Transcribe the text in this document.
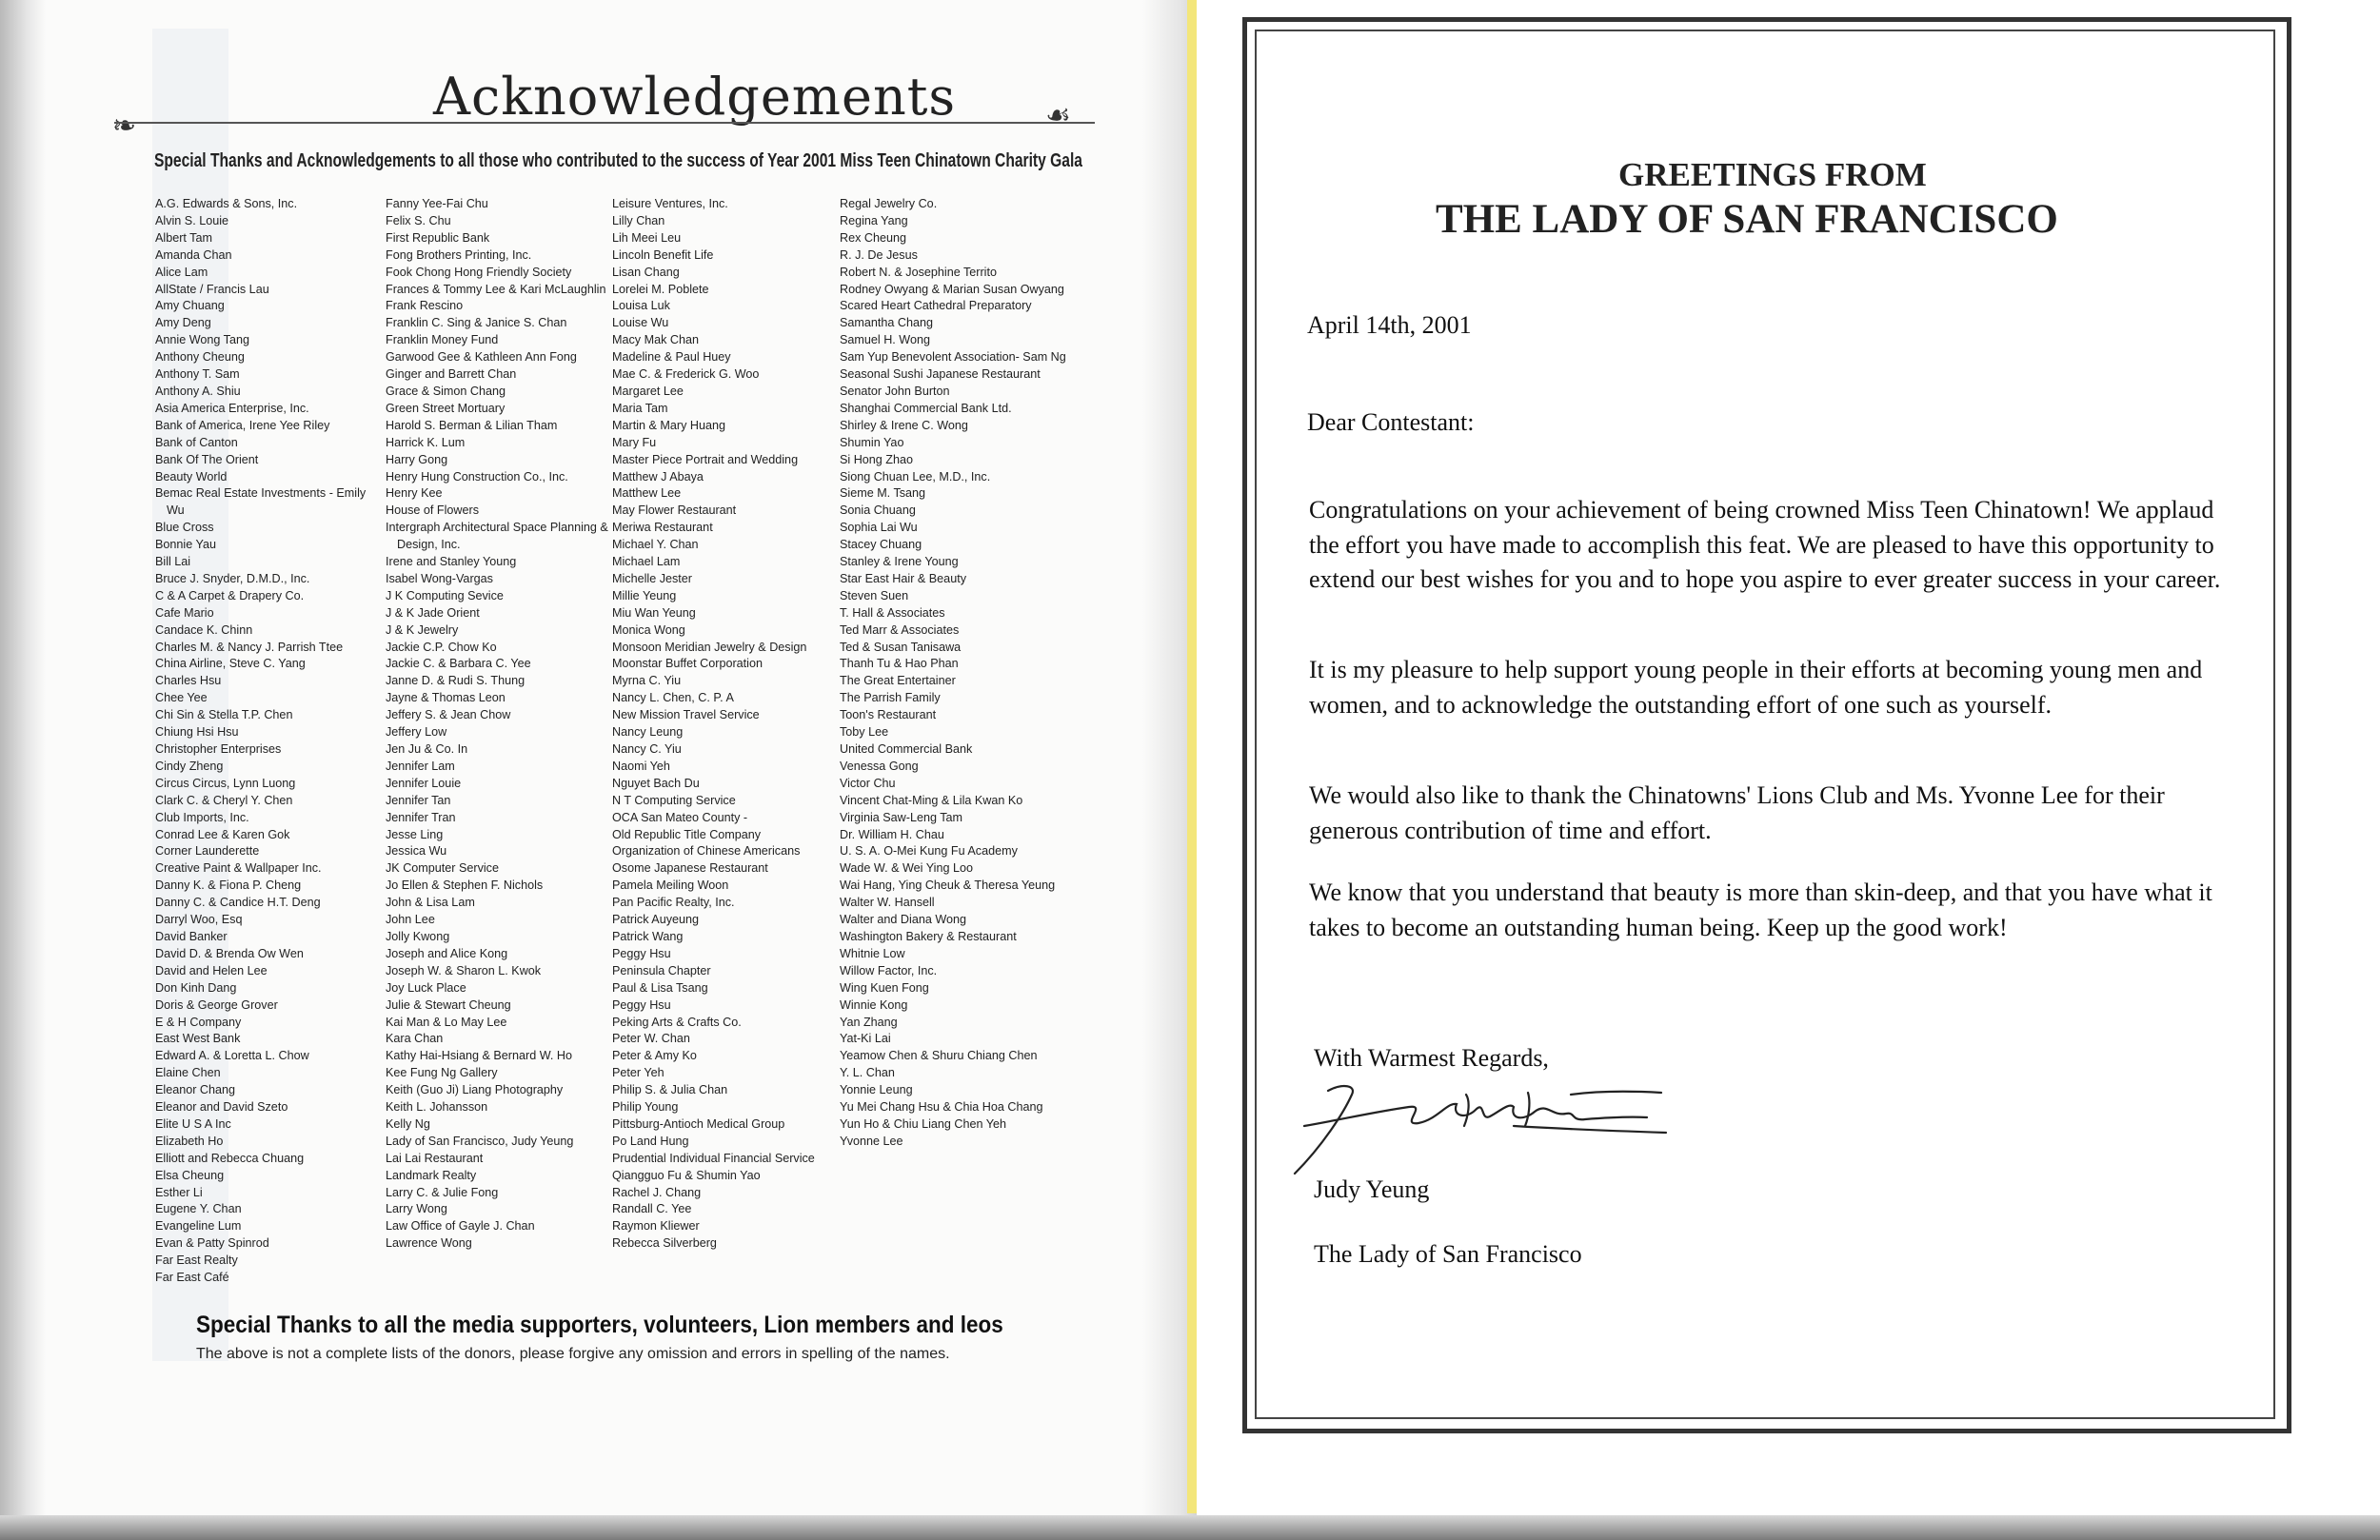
Acknowledgements
❧	☙
Special Thanks and Acknowledgements to all those who contributed to the success of Year 2001 Miss Teen Chinatown Charity Gala
A.G. Edwards & Sons, Inc.
Alvin S. Louie
Albert Tam
Amanda Chan
Alice Lam
AllState / Francis Lau
Amy Chuang
Amy Deng
Annie Wong Tang
Anthony Cheung
Anthony T. Sam
Anthony A. Shiu
Asia America Enterprise, Inc.
Bank of America, Irene Yee Riley
Bank of Canton
Bank Of The Orient
Beauty World
Bemac Real Estate Investments - Emily Wu
Blue Cross
Bonnie Yau
Bill Lai
Bruce J. Snyder, D.M.D., Inc.
C & A Carpet & Drapery Co.
Cafe Mario
Candace K. Chinn
Charles M. & Nancy J. Parrish Ttee
China Airline, Steve C. Yang
Charles Hsu
Chee Yee
Chi Sin & Stella T.P. Chen
Chiung Hsi Hsu
Christopher Enterprises
Cindy Zheng
Circus Circus, Lynn Luong
Clark C. & Cheryl Y. Chen
Club Imports, Inc.
Conrad Lee & Karen Gok
Corner Launderette
Creative Paint & Wallpaper Inc.
Danny K. & Fiona P. Cheng
Danny C. & Candice H.T. Deng
Darryl Woo, Esq
David Banker
David D. & Brenda Ow Wen
David and Helen Lee
Don Kinh Dang
Doris & George Grover
E & H Company
East West Bank
Edward A. & Loretta L. Chow
Elaine Chen
Eleanor Chang
Eleanor and David Szeto
Elite U S A Inc
Elizabeth Ho
Elliott and Rebecca Chuang
Elsa Cheung
Esther Li
Eugene Y. Chan
Evangeline Lum
Evan & Patty Spinrod
Far East Realty
Far East Café
Fanny Yee-Fai Chu
Felix S. Chu
First Republic Bank
Fong Brothers Printing, Inc.
Fook Chong Hong Friendly Society
Frances & Tommy Lee & Kari McLaughlin
Frank Rescino
Franklin C. Sing & Janice S. Chan
Franklin Money Fund
Garwood Gee & Kathleen Ann Fong
Ginger and Barrett Chan
Grace & Simon Chang
Green Street Mortuary
Harold S. Berman & Lilian Tham
Harrick K. Lum
Harry Gong
Henry Hung Construction Co., Inc.
Henry Kee
House of Flowers
Intergraph Architectural Space Planning & Design, Inc.
Irene and Stanley Young
Isabel Wong-Vargas
J K Computing Sevice
J & K Jade Orient
J & K Jewelry
Jackie C.P. Chow Ko
Jackie C. & Barbara C. Yee
Janne D. & Rudi S. Thung
Jayne & Thomas Leon
Jeffery S. & Jean Chow
Jeffery Low
Jen Ju & Co. In
Jennifer Lam
Jennifer Louie
Jennifer Tan
Jennifer Tran
Jesse Ling
Jessica Wu
JK Computer Service
Jo Ellen & Stephen F. Nichols
John & Lisa Lam
John Lee
Jolly Kwong
Joseph and Alice Kong
Joseph W. & Sharon L. Kwok
Joy Luck Place
Julie & Stewart Cheung
Kai Man & Lo May Lee
Kara Chan
Kathy Hai-Hsiang & Bernard W. Ho
Kee Fung Ng Gallery
Keith (Guo Ji) Liang Photography
Keith L. Johansson
Kelly Ng
Lady of San Francisco, Judy Yeung
Lai Lai Restaurant
Landmark Realty
Larry C. & Julie Fong
Larry Wong
Law Office of Gayle J. Chan
Lawrence Wong
Leisure Ventures, Inc.
Lilly Chan
Lih Meei Leu
Lincoln Benefit Life
Lisan Chang
Lorelei M. Poblete
Louisa Luk
Louise Wu
Macy Mak Chan
Madeline & Paul Huey
Mae C. & Frederick G. Woo
Margaret Lee
Maria Tam
Martin & Mary Huang
Mary Fu
Master Piece Portrait and Wedding
Matthew J Abaya
Matthew Lee
May Flower Restaurant
Meriwa Restaurant
Michael Y. Chan
Michael Lam
Michelle Jester
Millie Yeung
Miu Wan Yeung
Monica Wong
Monsoon Meridian Jewelry & Design
Moonstar Buffet Corporation
Myrna C. Yiu
Nancy L. Chen, C. P. A
New Mission Travel Service
Nancy Leung
Nancy C. Yiu
Naomi Yeh
Nguyet Bach Du
N T Computing Service
OCA San Mateo County -
Old Republic Title Company
Organization of Chinese Americans
Osome Japanese Restaurant
Pamela Meiling Woon
Pan Pacific Realty, Inc.
Patrick Auyeung
Patrick Wang
Peggy Hsu
Peninsula Chapter
Paul & Lisa Tsang
Peggy Hsu
Peking Arts & Crafts Co.
Peter W. Chan
Peter & Amy Ko
Peter Yeh
Philip S. & Julia Chan
Philip Young
Pittsburg-Antioch Medical Group
Po Land Hung
Prudential Individual Financial Service
Qiangguo Fu & Shumin Yao
Rachel J. Chang
Randall C. Yee
Raymon Kliewer
Rebecca Silverberg
Regal Jewelry Co.
Regina Yang
Rex Cheung
R. J. De Jesus
Robert N. & Josephine Territo
Rodney Owyang & Marian Susan Owyang
Scared Heart Cathedral Preparatory
Samantha Chang
Samuel H. Wong
Sam Yup Benevolent Association- Sam Ng
Seasonal Sushi Japanese Restaurant
Senator John Burton
Shanghai Commercial Bank Ltd.
Shirley & Irene C. Wong
Shumin Yao
Si Hong Zhao
Siong Chuan Lee, M.D., Inc.
Sieme M. Tsang
Sonia Chuang
Sophia Lai Wu
Stacey Chuang
Stanley & Irene Young
Star East Hair & Beauty
Steven Suen
T. Hall & Associates
Ted Marr & Associates
Ted & Susan Tanisawa
Thanh Tu & Hao Phan
The Great Entertainer
The Parrish Family
Toon's Restaurant
Toby Lee
United Commercial Bank
Venessa Gong
Victor Chu
Vincent Chat-Ming & Lila Kwan Ko
Virginia Saw-Leng Tam
Dr. William H. Chau
U. S. A. O-Mei Kung Fu Academy
Wade W. & Wei Ying Loo
Wai Hang, Ying Cheuk & Theresa Yeung
Walter W. Hansell
Walter and Diana Wong
Washington Bakery & Restaurant
Whitnie Low
Willow Factor, Inc.
Wing Kuen Fong
Winnie Kong
Yan Zhang
Yat-Ki Lai
Yeamow Chen & Shuru Chiang Chen
Y. L. Chan
Yonnie Leung
Yu Mei Chang Hsu & Chia Hoa Chang
Yun Ho & Chiu Liang Chen Yeh
Yvonne Lee
Special Thanks to all the media supporters, volunteers, Lion members and leos
The above is not a complete lists of the donors, please forgive any omission and errors in spelling of the names.
GREETINGS FROM
THE LADY OF SAN FRANCISCO
April 14th, 2001
Dear Contestant:
Congratulations on your achievement of being crowned Miss Teen Chinatown! We applaud the effort you have made to accomplish this feat. We are pleased to have this opportunity to extend our best wishes for you and to hope you aspire to ever greater success in your career.
It is my pleasure to help support young people in their efforts at becoming young men and women, and to acknowledge the outstanding effort of one such as yourself.
We would also like to thank the Chinatowns' Lions Club and Ms. Yvonne Lee for their generous contribution of time and effort.
We know that you understand that beauty is more than skin-deep, and that you have what it takes to become an outstanding human being. Keep up the good work!
With Warmest Regards,
Judy Yeung
The Lady of San Francisco
